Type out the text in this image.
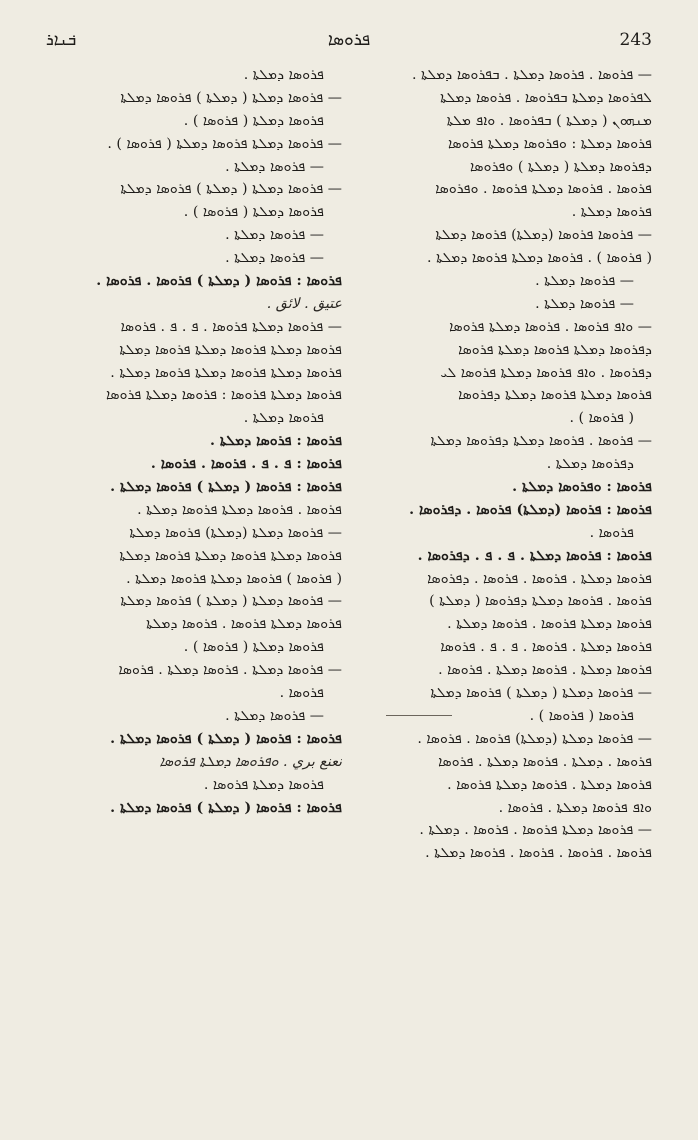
ܒ݁ܢܐܪ	ܦܪܘܣܐ	243
— ܦܪܘܣܐ . ܦܪܘܣܐ ܕܡܠܬܐ . ܒܦܪܘܣܐ ܕܡܠܬܐ .
ܠܦܪܘܣܐ ܕܡܠܬܐ ܒܦܪܘܣܐ . ܦܪܘܣܐ ܕܡܠܬܐ
ܡܢܗܘܢ ( ܕܡܠܬܐ ) ܒܦܪܘܣܐ . ܘܐܦ ܡܠܬܐ
ܦܪܘܣܐ ܕܡܠܬܐ : ܘܦܪܘܣܐ ܕܡܠܬܐ ܦܪܘܣܐ
ܕܦܪܘܣܐ ܕܡܠܬܐ ( ܕܡܠܬܐ ) ܘܦܪܘܣܐ
ܦܪܘܣܐ . ܦܪܘܣܐ ܕܡܠܬܐ ܦܪܘܣܐ . ܘܦܪܘܣܐ
ܦܪܘܣܐ ܕܡܠܬܐ .
— ܦܪܘܣܐ ܦܪܘܣܐ (ܕܡܠܬܐ) ܦܪܘܣܐ ܕܡܠܬܐ
( ܦܪܘܣܐ ) . ܦܪܘܣܐ ܕܡܠܬܐ ܦܪܘܣܐ ܕܡܠܬܐ .
— ܦܪܘܣܐ ܕܡܠܬܐ .
— ܦܪܘܣܐ ܕܡܠܬܐ .
— ܘܐܦ ܦܪܘܣܐ . ܦܪܘܣܐ ܕܡܠܬܐ ܦܪܘܣܐ
ܕܦܪܘܣܐ ܕܡܠܬܐ ܦܪܘܣܐ ܕܡܠܬܐ ܦܪܘܣܐ
ܕܦܪܘܣܐ . ܘܐܦ ܦܪܘܣܐ ܕܡܠܬܐ ܦܪܘܣܐ ܠܝ
ܦܪܘܣܐ ܕܡܠܬܐ ܦܪܘܣܐ ܕܡܠܬܐ ܕܦܪܘܣܐ
( ܦܪܘܣܐ ) .
— ܦܪܘܣܐ . ܦܪܘܣܐ ܕܡܠܬܐ ܕܦܪܘܣܐ ܕܡܠܬܐ
ܕܦܪܘܣܐ ܕܡܠܬܐ .
ܦܪܘܣܐ : ܘܦܪܘܣܐ ܕܡܠܬܐ .
ܦܪܘܣܐ : ܦܪܘܣܐ (ܕܡܠܬܐ) ܦܪܘܣܐ . ܕܦܪܘܣܐ .
ܦܪܘܣܐ .
ܦܪܘܣܐ : ܦܪܘܣܐ ܕܡܠܬܐ . ܦ . ܦ . ܕܦܪܘܣܐ .
ܦܪܘܣܐ ܕܡܠܬܐ . ܦܪܘܣܐ . ܦܪܘܣܐ . ܕܦܪܘܣܐ
ܦܪܘܣܐ . ܦܪܘܣܐ ܕܡܠܬܐ ܕܦܪܘܣܐ ( ܕܡܠܬܐ )
ܦܪܘܣܐ ܕܡܠܬܐ ܦܪܘܣܐ . ܦܪܘܣܐ ܕܡܠܬܐ .
ܦܪܘܣܐ ܕܡܠܬܐ . ܦܪܘܣܐ . ܦ . ܦ . ܦܪܘܣܐ
ܦܪܘܣܐ ܕܡܠܬܐ . ܦܪܘܣܐ ܕܡܠܬܐ . ܦܪܘܣܐ .
— ܦܪܘܣܐ ܕܡܠܬܐ ( ܕܡܠܬܐ ) ܦܪܘܣܐ ܕܡܠܬܐ
ܦܪܘܣܐ ( ܦܪܘܣܐ ) .
— ܦܪܘܣܐ ܕܡܠܬܐ (ܕܡܠܬܐ) ܦܪܘܣܐ . ܦܪܘܣܐ .
ܦܪܘܣܐ . ܕܡܠܬܐ . ܦܪܘܣܐ ܕܡܠܬܐ . ܦܪܘܣܐ
ܦܪܘܣܐ ܕܡܠܬܐ . ܦܪܘܣܐ ܕܡܠܬܐ ܦܪܘܣܐ .
ܘܐܦ ܦܪܘܣܐ ܕܡܠܬܐ . ܦܪܘܣܐ .
— ܦܪܘܣܐ ܕܡܠܬܐ ܦܪܘܣܐ . ܦܪܘܣܐ . ܕܡܠܬܐ .
ܦܪܘܣܐ . ܦܪܘܣܐ . ܦܪܘܣܐ . ܦܪܘܣܐ ܕܡܠܬܐ .
ܦܪܘܣܐ ܕܡܠܬܐ .
— ܦܪܘܣܐ ܕܡܠܬܐ ( ܕܡܠܬܐ ) ܦܪܘܣܐ ܕܡܠܬܐ
ܦܪܘܣܐ ܕܡܠܬܐ ( ܦܪܘܣܐ ) .
— ܦܪܘܣܐ ܕܡܠܬܐ ܦܪܘܣܐ ܕܡܠܬܐ ( ܦܪܘܣܐ ) .
— ܦܪܘܣܐ ܕܡܠܬܐ .
— ܦܪܘܣܐ ܕܡܠܬܐ ( ܕܡܠܬܐ ) ܦܪܘܣܐ ܕܡܠܬܐ
ܦܪܘܣܐ ܕܡܠܬܐ ( ܦܪܘܣܐ ) .
— ܦܪܘܣܐ ܕܡܠܬܐ .
— ܦܪܘܣܐ ܕܡܠܬܐ .
ܦܪܘܣܐ : ܦܪܘܣܐ ( ܕܡܠܬܐ ) ܦܪܘܣܐ . ܦܪܘܣܐ .
عتيق . لائق .
— ܦܪܘܣܐ ܕܡܠܬܐ ܦܪܘܣܐ . ܦ . ܦ . ܦܪܘܣܐ
ܦܪܘܣܐ ܕܡܠܬܐ ܦܪܘܣܐ ܕܡܠܬܐ ܦܪܘܣܐ ܕܡܠܬܐ
ܦܪܘܣܐ ܕܡܠܬܐ ܦܪܘܣܐ ܕܡܠܬܐ ܦܪܘܣܐ ܕܡܠܬܐ .
ܦܪܘܣܐ ܕܡܠܬܐ ܦܪܘܣܐ : ܦܪܘܣܐ ܕܡܠܬܐ ܦܪܘܣܐ
ܦܪܘܣܐ ܕܡܠܬܐ .
ܦܪܘܣܐ : ܦܪܘܣܐ ܕܡܠܬܐ .
ܦܪܘܣܐ : ܦ . ܦ . ܦܪܘܣܐ . ܦܪܘܣܐ .
ܦܪܘܣܐ : ܦܪܘܣܐ ( ܕܡܠܬܐ ) ܦܪܘܣܐ ܕܡܠܬܐ .
ܦܪܘܣܐ . ܦܪܘܣܐ ܕܡܠܬܐ ܦܪܘܣܐ ܕܡܠܬܐ .
— ܦܪܘܣܐ ܕܡܠܬܐ (ܕܡܠܬܐ) ܦܪܘܣܐ ܕܡܠܬܐ
ܦܪܘܣܐ ܕܡܠܬܐ ܦܪܘܣܐ ܕܡܠܬܐ ܦܪܘܣܐ ܕܡܠܬܐ
( ܦܪܘܣܐ ) ܦܪܘܣܐ ܕܡܠܬܐ ܦܪܘܣܐ ܕܡܠܬܐ .
— ܦܪܘܣܐ ܕܡܠܬܐ ( ܕܡܠܬܐ ) ܦܪܘܣܐ ܕܡܠܬܐ
ܦܪܘܣܐ ܕܡܠܬܐ ܦܪܘܣܐ . ܦܪܘܣܐ ܕܡܠܬܐ
ܦܪܘܣܐ ܕܡܠܬܐ ( ܦܪܘܣܐ ) .
— ܦܪܘܣܐ ܕܡܠܬܐ . ܦܪܘܣܐ ܕܡܠܬܐ . ܦܪܘܣܐ
ܦܪܘܣܐ .
— ܦܪܘܣܐ ܕܡܠܬܐ .
ܦܪܘܣܐ : ܦܪܘܣܐ ( ܕܡܠܬܐ ) ܦܪܘܣܐ ܕܡܠܬܐ .
نعنع بري . ܘܦܪܘܣܐ ܕܡܠܬܐ ܦܪܘܣܐ
ܦܪܘܣܐ ܕܡܠܬܐ ܦܪܘܣܐ .
ܦܪܘܣܐ : ܦܪܘܣܐ ( ܕܡܠܬܐ ) ܦܪܘܣܐ ܕܡܠܬܐ .
